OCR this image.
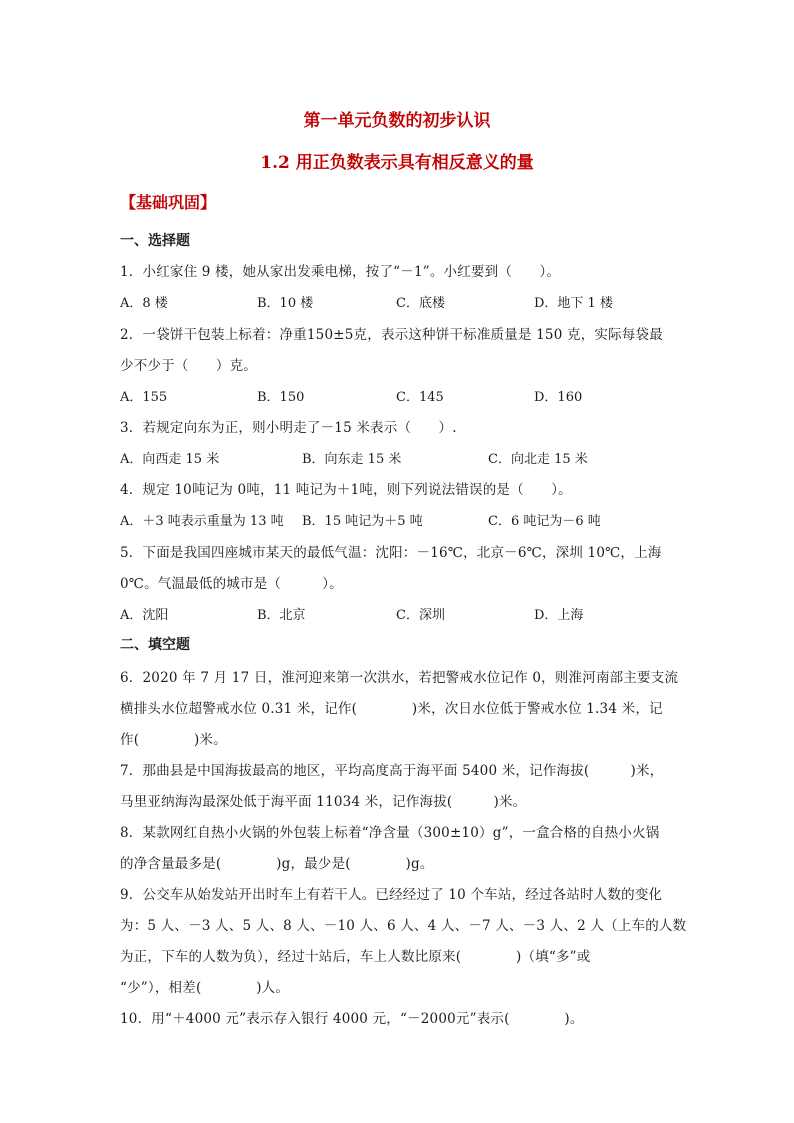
第一单元负数的初步认识
1.2 用正负数表示具有相反意义的量
【基础巩固】
一、选择题
1．小红家住 9 楼，她从家出发乘电梯，按了“－1”。小红要到（　　）。
A．8 楼	B．10 楼	C．底楼	D．地下 1 楼
2．一袋饼干包装上标着：净重150±5克，表示这种饼干标准质量是 150 克，实际每袋最
少不少于（　　）克。
A．155	B．150	C．145	D．160
3．若规定向东为正，则小明走了－15 米表示（　　）.
A．向西走 15 米	B．向东走 15 米	C．向北走 15 米
4．规定 10吨记为 0吨，11 吨记为＋1吨，则下列说法错误的是（　　）。
A．＋3 吨表示重量为 13 吨 B．15 吨记为＋5 吨	C．6 吨记为－6 吨
5．下面是我国四座城市某天的最低气温：沈阳：－16℃，北京－6℃，深圳 10℃，上海
0℃。气温最低的城市是（　　　）。
A．沈阳	B．北京	C．深圳	D．上海
二、填空题
6．2020 年 7 月 17 日，淮河迎来第一次洪水，若把警戒水位记作 0，则淮河南部主要支流
横排头水位超警戒水位 0.31 米，记作(　　　　)米，次日水位低于警戒水位 1.34 米，记
作(　　　　)米。
7．那曲县是中国海拔最高的地区，平均高度高于海平面 5400 米，记作海拔(　　　)米，
马里亚纳海沟最深处低于海平面 11034 米，记作海拔(　　　)米。
8．某款网红自热小火锅的外包装上标着“净含量（300±10）g”，一盒合格的自热小火锅
的净含量最多是(　　　　)g，最少是(　　　　)g。
9．公交车从始发站开出时车上有若干人。已经经过了 10 个车站，经过各站时人数的变化
为：5 人、－3 人、5 人、8 人、－10 人、6 人、4 人、－7 人、－3 人、2 人（上车的人数
为正，下车的人数为负），经过十站后，车上人数比原来(　　　　)（填“多”或
“少”），相差(　　　　)人。
10．用“＋4000 元”表示存入银行 4000 元，“－2000元”表示(　　　　)。
